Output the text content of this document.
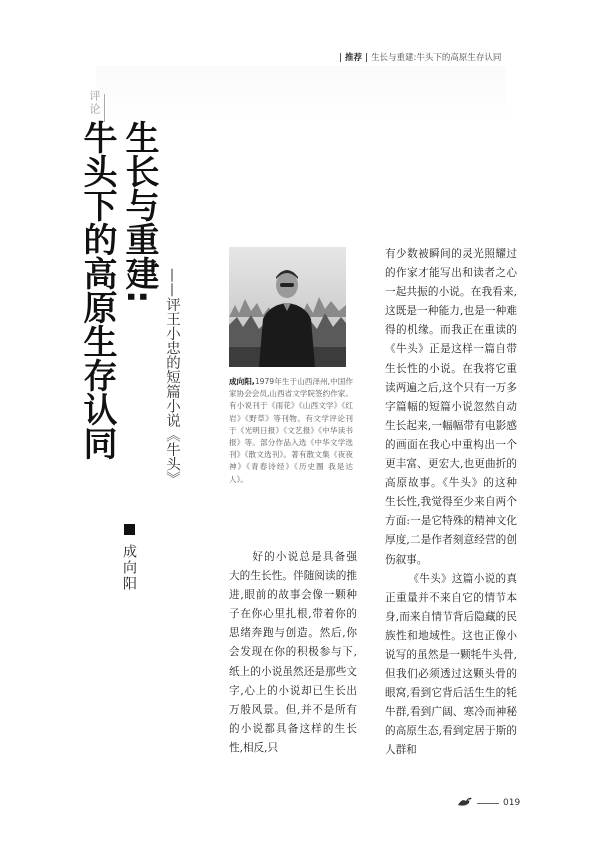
推荐 生长与重建:牛头下的高原生存认同
评论
生长与重建:
牛头下的高原生存认同	——评王小忠的短篇小说《牛头》
成向阳
成向阳,1979年生于山西泽州,中国作家协会会员,山西省文学院签约作家。有小说刊于《雨花》《山西文学》《红岩》《野草》等刊物。有文学评论刊于《光明日报》《文艺报》《中华读书报》等。部分作品入选《中华文学选刊》《散文选刊》。著有散文集《夜夜神》《青春诗经》《历史圈 我是达人》。

好的小说总是具备强大的生长性。伴随阅读的推进,眼前的故事会像一颗种子在你心里扎根,带着你的思绪奔跑与创造。然后,你会发现在你的积极参与下,纸上的小说虽然还是那些文字,心上的小说却已生长出万般风景。但,并不是所有的小说都具备这样的生长性,相反,只

有少数被瞬间的灵光照耀过的作家才能写出和读者之心一起共振的小说。在我看来,这既是一种能力,也是一种难得的机缘。而我正在重读的《牛头》正是这样一篇自带生长性的小说。在我将它重读两遍之后,这个只有一万多字篇幅的短篇小说忽然自动生长起来,一幅幅带有电影感的画面在我心中重构出一个更丰富、更宏大,也更曲折的高原故事。《牛头》的这种生长性,我觉得至少来自两个方面:一是它特殊的精神文化厚度,二是作者刻意经营的创伤叙事。

《牛头》这篇小说的真正重量并不来自它的情节本身,而来自情节背后隐藏的民族性和地域性。这也正像小说写的虽然是一颗牦牛头骨,但我们必须透过这颗头骨的眼窝,看到它背后活生生的牦牛群,看到广阔、寒冷而神秘的高原生态,看到定居于斯的人群和

019
